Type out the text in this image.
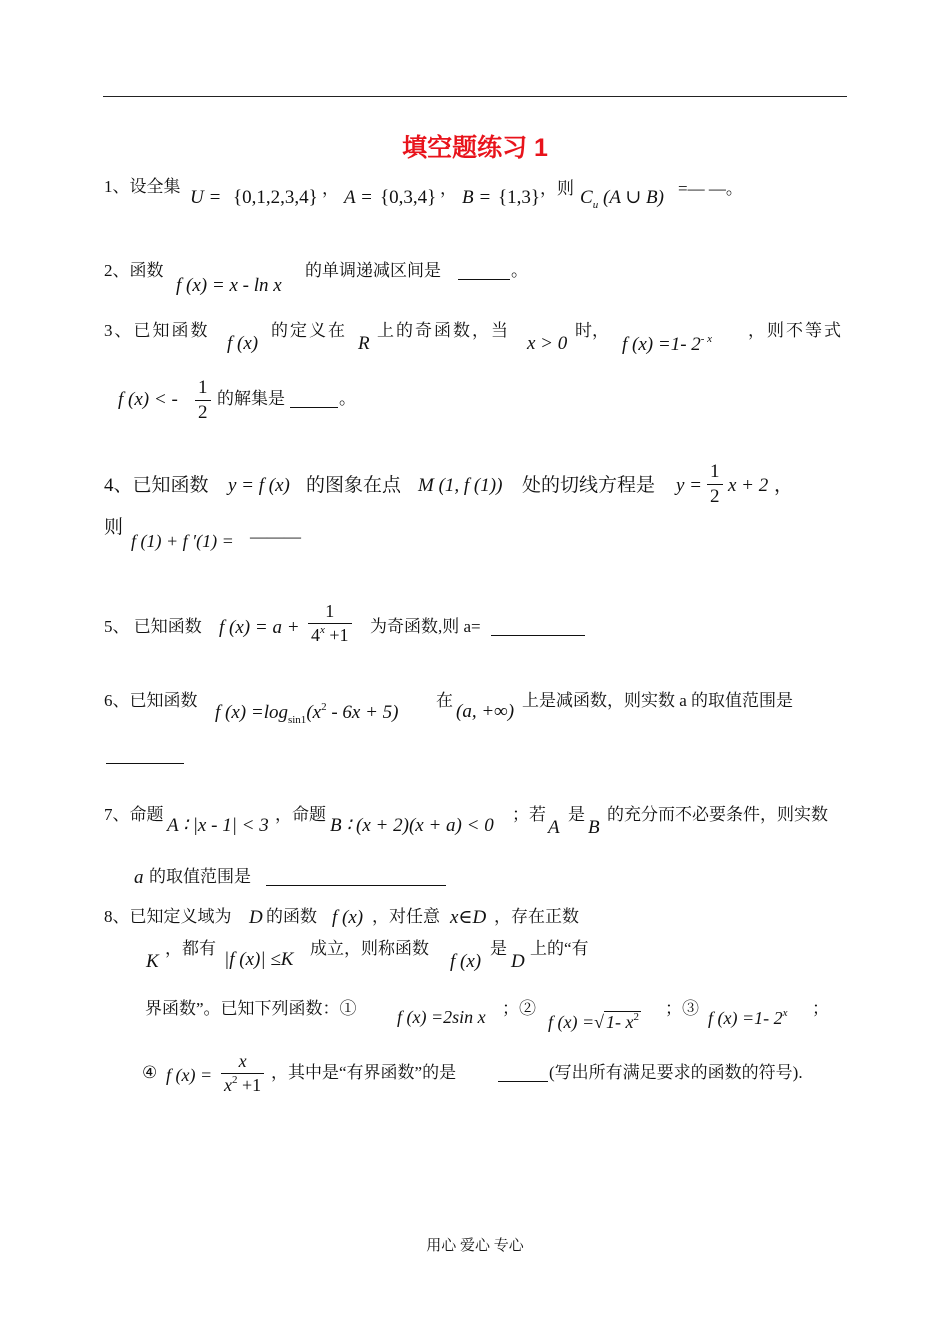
填空题练习 1
1、设全集
U = {0,1,2,3,4} ， A = {0,3,4} ， B = {1,3} ，则 $C_u$ (A ∪ B) =— —。
2、函数
f (x) = x - ln x
的单调递减区间是	。
3、已知函数
f (x)
的定义在
R
上的奇函数，当
x > 0
时，
f (x) =1- $2^{- x}$ ，则不等式
f (x) < - $\frac{1}{2}$ 的解集是	。
4、已知函数 y = f (x) 的图象在点 M (1, f (1)) 处的切线方程是 $y = \frac{1}{2}$ x + 2 ，
则
f (1) + f ′(1) = ———
5、 已知函数 f $(x) = a + \frac{1}{4^x +1}$ 为奇函数,则 a=
6、已知函数
f $(x) =\log_{sin1}(x^2 - 6x + 5)$
在
(a, +∞)
上是减函数，则实数 a 的取值范围是
7、命题
A ∶ |x - 1| < 3
，命题
B ∶ (x + 2)(x + a) < 0
；若
A
是
B
的充分而不必要条件，则实数
a 的取值范围是
8、已知定义域为 D 的函数 f (x) ，对任意 x∈D ，存在正数
K
，都有
|f (x)| ≤K
成立，则称函数
f (x)
是
D
上的“有
界函数”。已知下列函数：① f (x) =2sin x ；②
f (x) =√ 1- $x^2$ ；③ f (x) =1- 2$^x$ ；
④ f $(x) = \frac{x}{x^2 +1}$ ，其中是“有界函数”的是	(写出所有满足要求的函数的符号).
用心 爱心 专心
